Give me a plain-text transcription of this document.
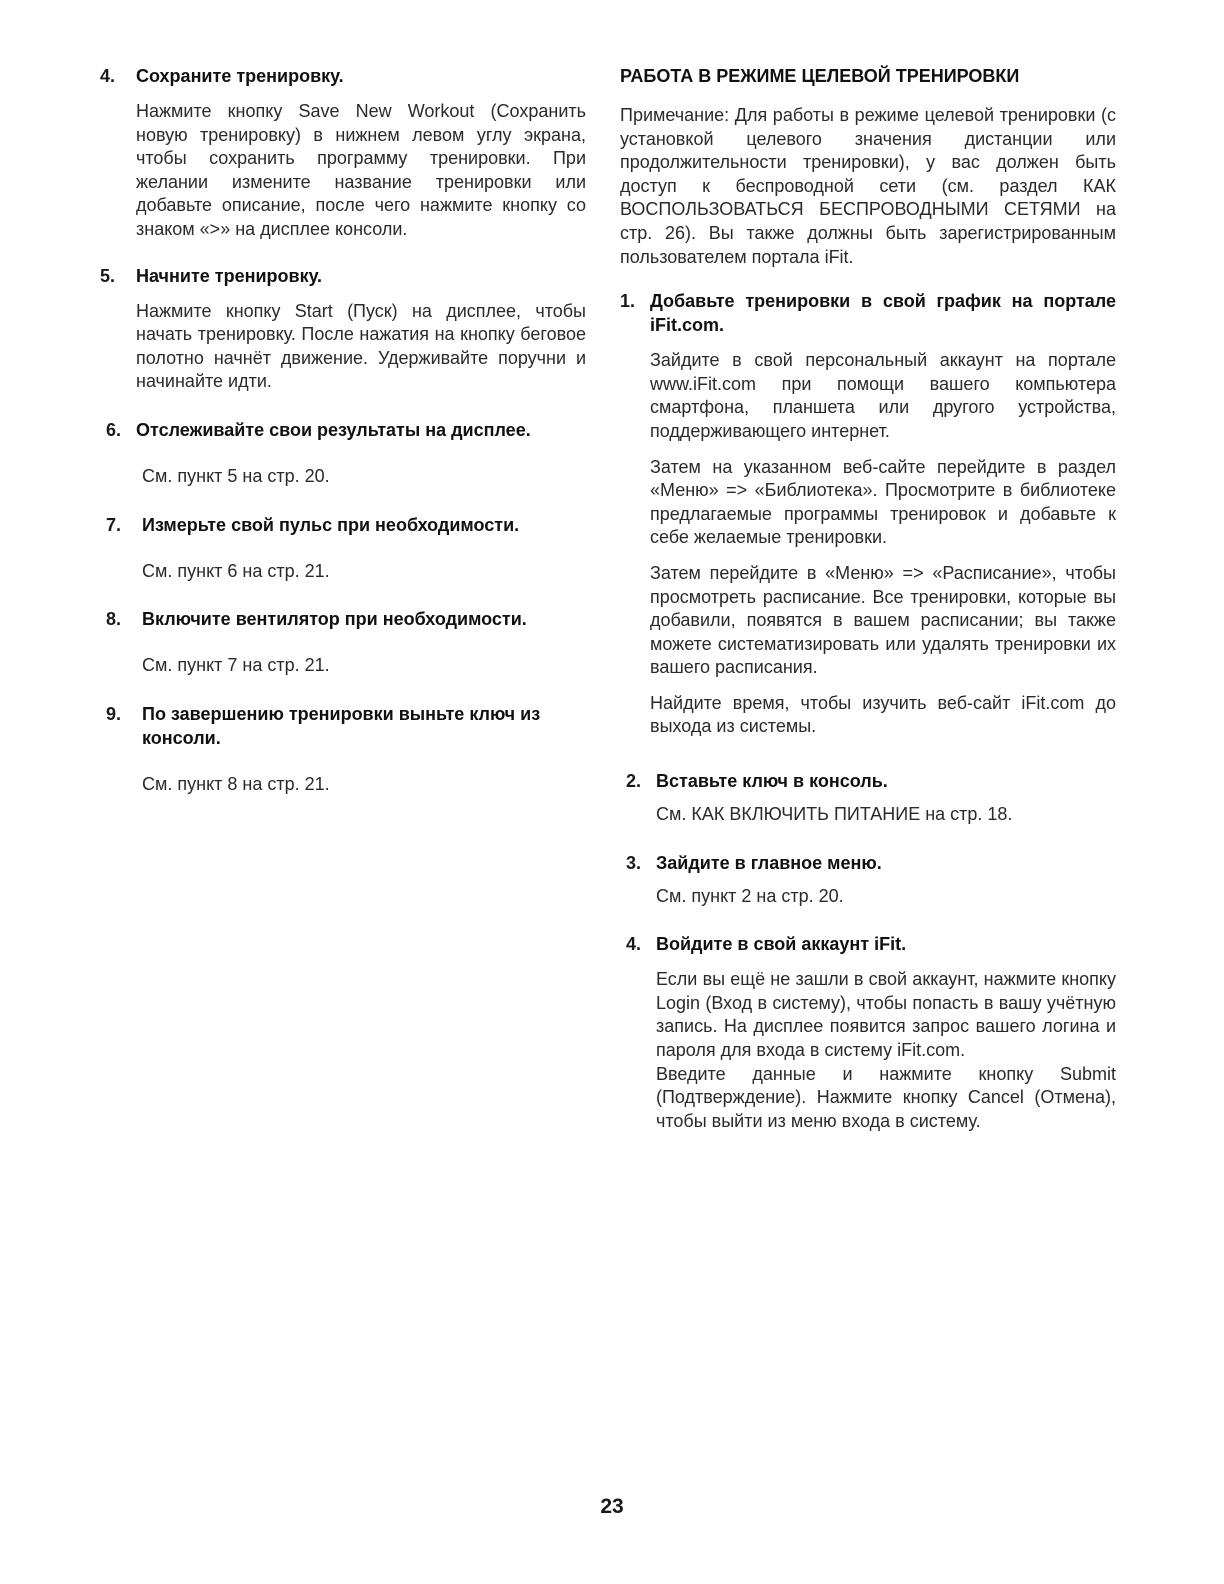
4.	Сохраните тренировку.

Нажмите кнопку Save New Workout (Сохранить новую тренировку) в нижнем левом углу экрана, чтобы сохранить программу тренировки. При желании измените название тренировки или добавьте описание, после чего нажмите кнопку со знаком «>» на дисплее консоли.

5.	Начните тренировку.

Нажмите кнопку Start (Пуск) на дисплее, чтобы начать тренировку. После нажатия на кнопку беговое полотно начнёт движение. Удерживайте поручни и начинайте идти.

6. Отслеживайте свои результаты на дисплее.

См. пункт 5 на стр. 20.

7.	Измерьте свой пульс при необходимости.

См. пункт 6 на стр. 21.

8.	Включите вентилятор при необходимости.

См. пункт 7 на стр. 21.

9.	По завершению тренировки выньте ключ из консоли.

См. пункт 8 на стр. 21.

РАБОТА В РЕЖИМЕ ЦЕЛЕВОЙ ТРЕНИРОВКИ

Примечание: Для работы в режиме целевой тренировки (с установкой целевого значения дистанции или продолжительности тренировки), у вас должен быть доступ к беспроводной сети (см. раздел КАК ВОСПОЛЬЗОВАТЬСЯ БЕСПРОВОДНЫМИ СЕТЯМИ на стр. 26). Вы также должны быть зарегистрированным пользователем портала iFit.

1. Добавьте тренировки в свой график на портале iFit.com.

Зайдите в свой персональный аккаунт на портале www.iFit.com при помощи вашего компьютера смартфона, планшета или другого устройства, поддерживающего интернет.

Затем на указанном веб-сайте перейдите в раздел «Меню» => «Библиотека». Просмотрите в библиотеке предлагаемые программы тренировок и добавьте к себе желаемые тренировки.

Затем перейдите в «Меню» => «Расписание», чтобы просмотреть расписание. Все тренировки, которые вы добавили, появятся в вашем расписании; вы также можете систематизировать или удалять тренировки их вашего расписания.

Найдите время, чтобы изучить веб-сайт iFit.com до выхода из системы.

2. Вставьте ключ в консоль.

См. КАК ВКЛЮЧИТЬ ПИТАНИЕ на стр. 18.

3. Зайдите в главное меню.

См. пункт 2 на стр. 20.

4. Войдите в свой аккаунт iFit.

Если вы ещё не зашли в свой аккаунт, нажмите кнопку Login (Вход в систему), чтобы попасть в вашу учётную запись. На дисплее появится запрос вашего логина и пароля для входа в систему iFit.com.

Введите данные и нажмите кнопку Submit (Подтверждение). Нажмите кнопку Cancel (Отмена), чтобы выйти из меню входа в систему.

23
